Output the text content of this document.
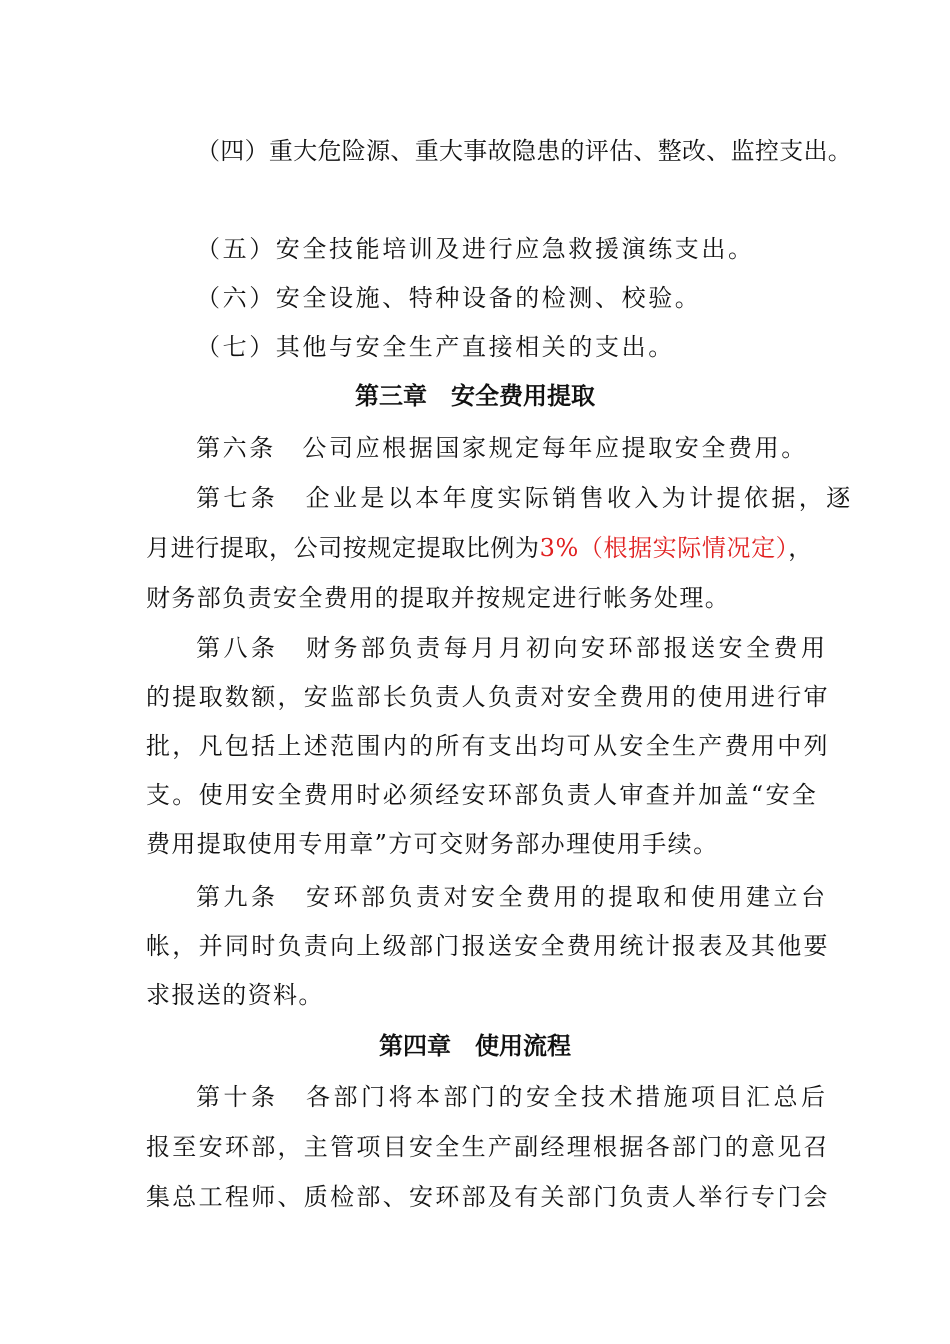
（四）重大危险源、重大事故隐患的评估、整改、监控支出。
（五）安全技能培训及进行应急救援演练支出。
（六）安全设施、特种设备的检测、校验。
（七）其他与安全生产直接相关的支出。
第三章　安全费用提取
第六条　公司应根据国家规定每年应提取安全费用。
第七条　企业是以本年度实际销售收入为计提依据，逐
月进行提取，公司按规定提取比例为3%（根据实际情况定），
财务部负责安全费用的提取并按规定进行帐务处理。
第八条　财务部负责每月月初向安环部报送安全费用
的提取数额，安监部长负责人负责对安全费用的使用进行审
批，凡包括上述范围内的所有支出均可从安全生产费用中列
支。使用安全费用时必须经安环部负责人审查并加盖“安全
费用提取使用专用章”方可交财务部办理使用手续。
第九条　安环部负责对安全费用的提取和使用建立台
帐，并同时负责向上级部门报送安全费用统计报表及其他要
求报送的资料。
第四章　使用流程
第十条　各部门将本部门的安全技术措施项目汇总后
报至安环部，主管项目安全生产副经理根据各部门的意见召
集总工程师、质检部、安环部及有关部门负责人举行专门会
